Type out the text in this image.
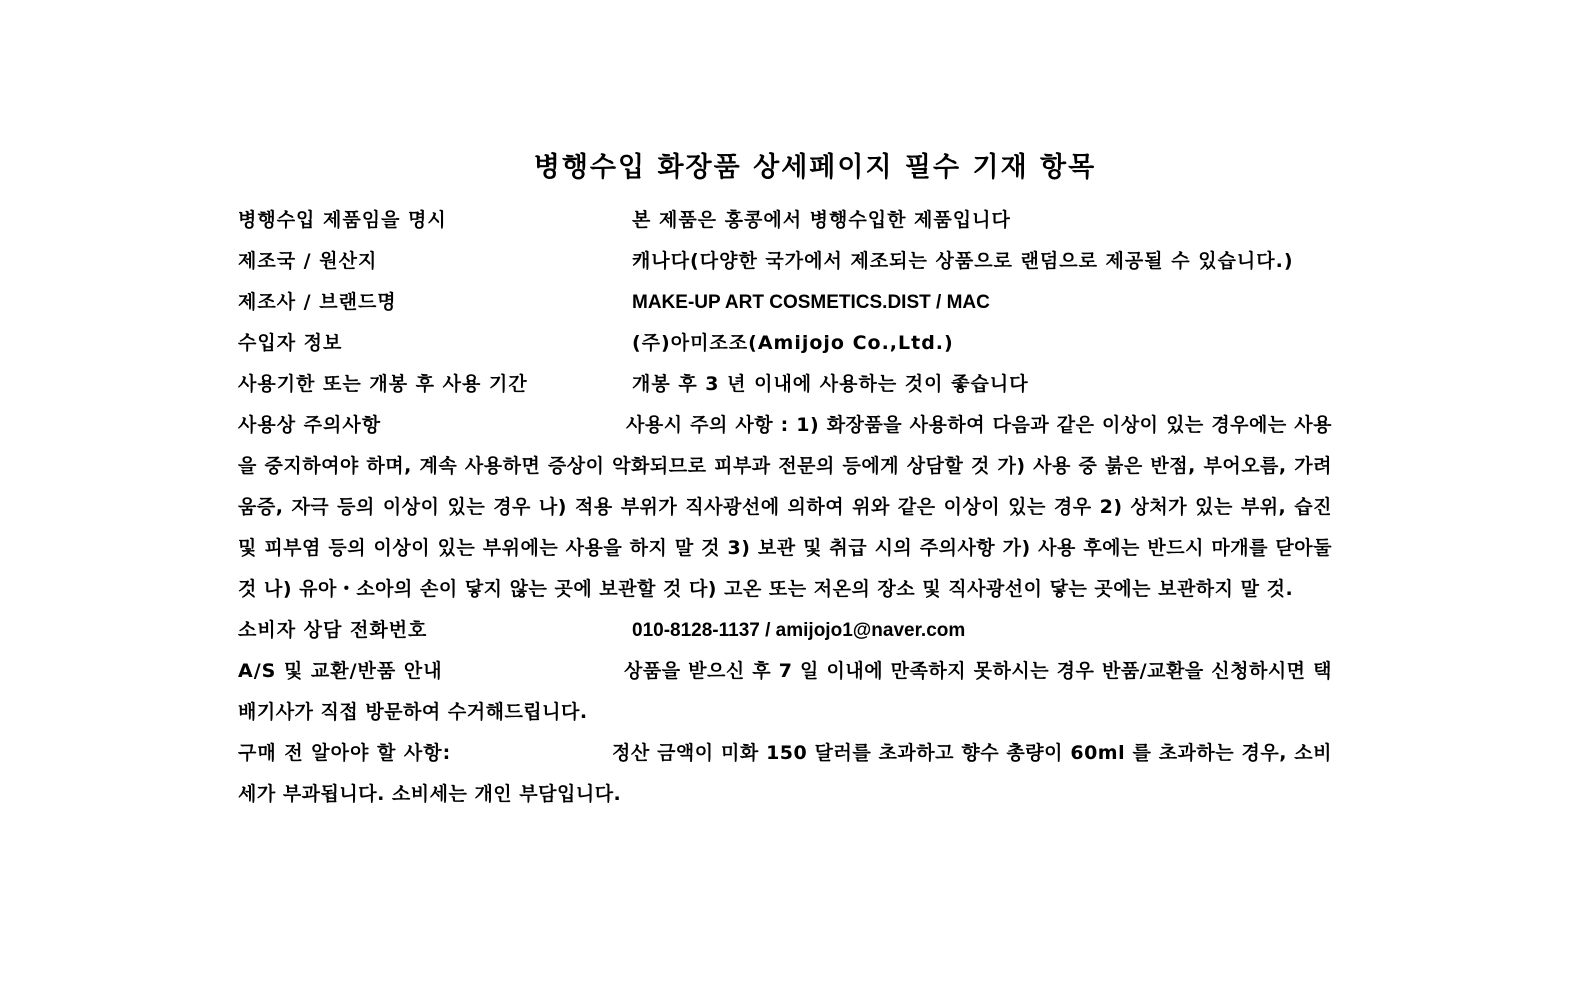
병행수입 화장품 상세페이지 필수 기재 항목
병행수입 제품임을 명시	본 제품은 홍콩에서 병행수입한 제품입니다
제조국 / 원산지	캐나다(다양한 국가에서 제조되는 상품으로 랜덤으로 제공될 수 있습니다.)
제조사 / 브랜드명	MAKE-UP ART COSMETICS.DIST / MAC
수입자 정보	(주)아미조조(Amijojo Co.,Ltd.)
사용기한 또는 개봉 후 사용 기간	개봉 후 3 년 이내에 사용하는 것이 좋습니다
사용상 주의사항	사용시 주의 사항 : 1) 화장품을 사용하여 다음과 같은 이상이 있는 경우에는 사용을 중지하여야 하며, 계속 사용하면 증상이 악화되므로 피부과 전문의 등에게 상담할 것 가) 사용 중 붉은 반점, 부어오름, 가려움증, 자극 등의 이상이 있는 경우 나) 적용 부위가 직사광선에 의하여 위와 같은 이상이 있는 경우 2) 상처가 있는 부위, 습진 및 피부염 등의 이상이 있는 부위에는 사용을 하지 말 것 3) 보관 및 취급 시의 주의사항 가) 사용 후에는 반드시 마개를 닫아둘 것 나) 유아・소아의 손이 닿지 않는 곳에 보관할 것 다) 고온 또는 저온의 장소 및 직사광선이 닿는 곳에는 보관하지 말 것.
소비자 상담 전화번호	010-8128-1137 / amijojo1@naver.com
A/S 및 교환/반품 안내	상품을 받으신 후 7 일 이내에 만족하지 못하시는 경우 반품/교환을 신청하시면 택배기사가 직접 방문하여 수거해드립니다.
구매 전 알아야 할 사항:	정산 금액이 미화 150 달러를 초과하고 향수 총량이 60ml 를 초과하는 경우, 소비세가 부과됩니다. 소비세는 개인 부담입니다.
